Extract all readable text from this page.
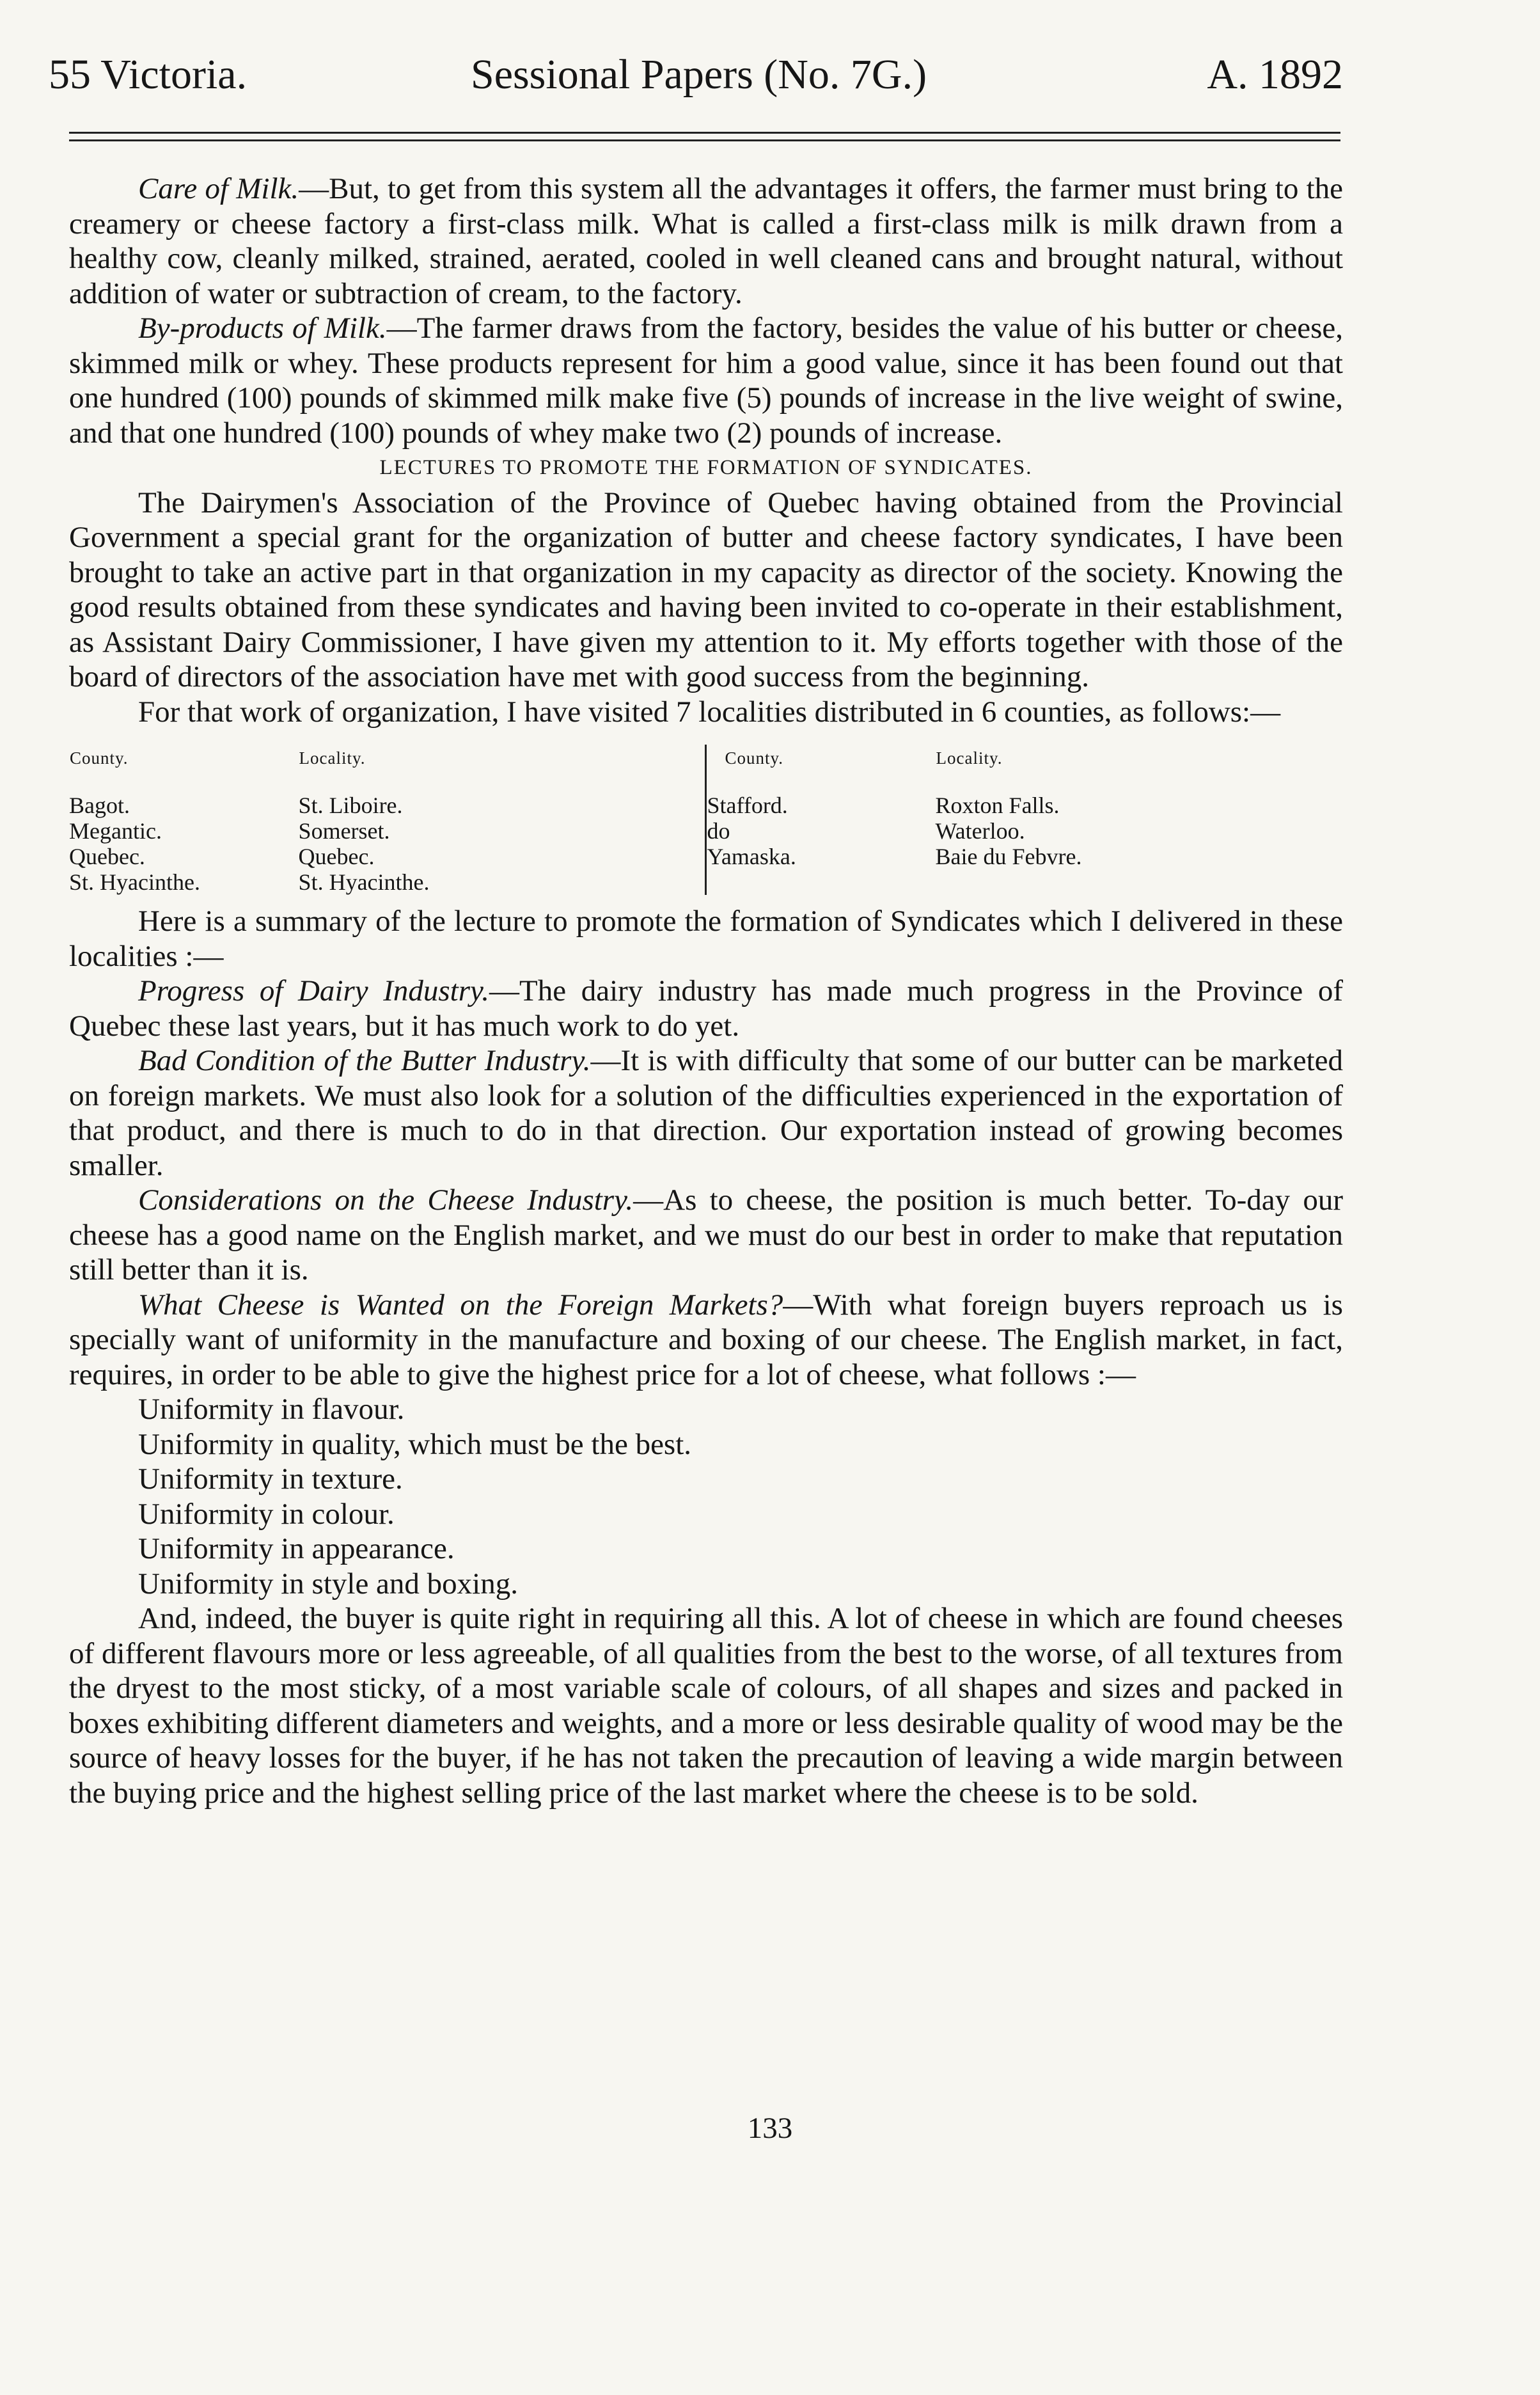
55 Victoria.	Sessional Papers (No. 7G.)	A. 1892

Care of Milk.—But, to get from this system all the advantages it offers, the farmer must bring to the creamery or cheese factory a first-class milk. What is called a first-class milk is milk drawn from a healthy cow, cleanly milked, strained, aerated, cooled in well cleaned cans and brought natural, without addition of water or subtraction of cream, to the factory.

By-products of Milk.—The farmer draws from the factory, besides the value of his butter or cheese, skimmed milk or whey. These products represent for him a good value, since it has been found out that one hundred (100) pounds of skimmed milk make five (5) pounds of increase in the live weight of swine, and that one hundred (100) pounds of whey make two (2) pounds of increase.

LECTURES TO PROMOTE THE FORMATION OF SYNDICATES.

The Dairymen's Association of the Province of Quebec having obtained from the Provincial Government a special grant for the organization of butter and cheese factory syndicates, I have been brought to take an active part in that organization in my capacity as director of the society. Knowing the good results obtained from these syndicates and having been invited to co-operate in their establishment, as Assistant Dairy Commissioner, I have given my attention to it. My efforts together with those of the board of directors of the association have met with good success from the beginning.

For that work of organization, I have visited 7 localities distributed in 6 counties, as follows:—

County.	Locality.	County.	Locality.
Bagot.	St. Liboire.	Stafford.	Roxton Falls.
Megantic.	Somerset.	do	Waterloo.
Quebec.	Quebec.	Yamaska.	Baie du Febvre.
St. Hyacinthe.	St. Hyacinthe.		

Here is a summary of the lecture to promote the formation of Syndicates which I delivered in these localities :—

Progress of Dairy Industry.—The dairy industry has made much progress in the Province of Quebec these last years, but it has much work to do yet.

Bad Condition of the Butter Industry.—It is with difficulty that some of our butter can be marketed on foreign markets. We must also look for a solution of the difficulties experienced in the exportation of that product, and there is much to do in that direction. Our exportation instead of growing becomes smaller.

Considerations on the Cheese Industry.—As to cheese, the position is much better. To-day our cheese has a good name on the English market, and we must do our best in order to make that reputation still better than it is.

What Cheese is Wanted on the Foreign Markets?—With what foreign buyers reproach us is specially want of uniformity in the manufacture and boxing of our cheese. The English market, in fact, requires, in order to be able to give the highest price for a lot of cheese, what follows :—

Uniformity in flavour.

Uniformity in quality, which must be the best.

Uniformity in texture.

Uniformity in colour.

Uniformity in appearance.

Uniformity in style and boxing.

And, indeed, the buyer is quite right in requiring all this. A lot of cheese in which are found cheeses of different flavours more or less agreeable, of all qualities from the best to the worse, of all textures from the dryest to the most sticky, of a most variable scale of colours, of all shapes and sizes and packed in boxes exhibiting different diameters and weights, and a more or less desirable quality of wood may be the source of heavy losses for the buyer, if he has not taken the precaution of leaving a wide margin between the buying price and the highest selling price of the last market where the cheese is to be sold.

133
